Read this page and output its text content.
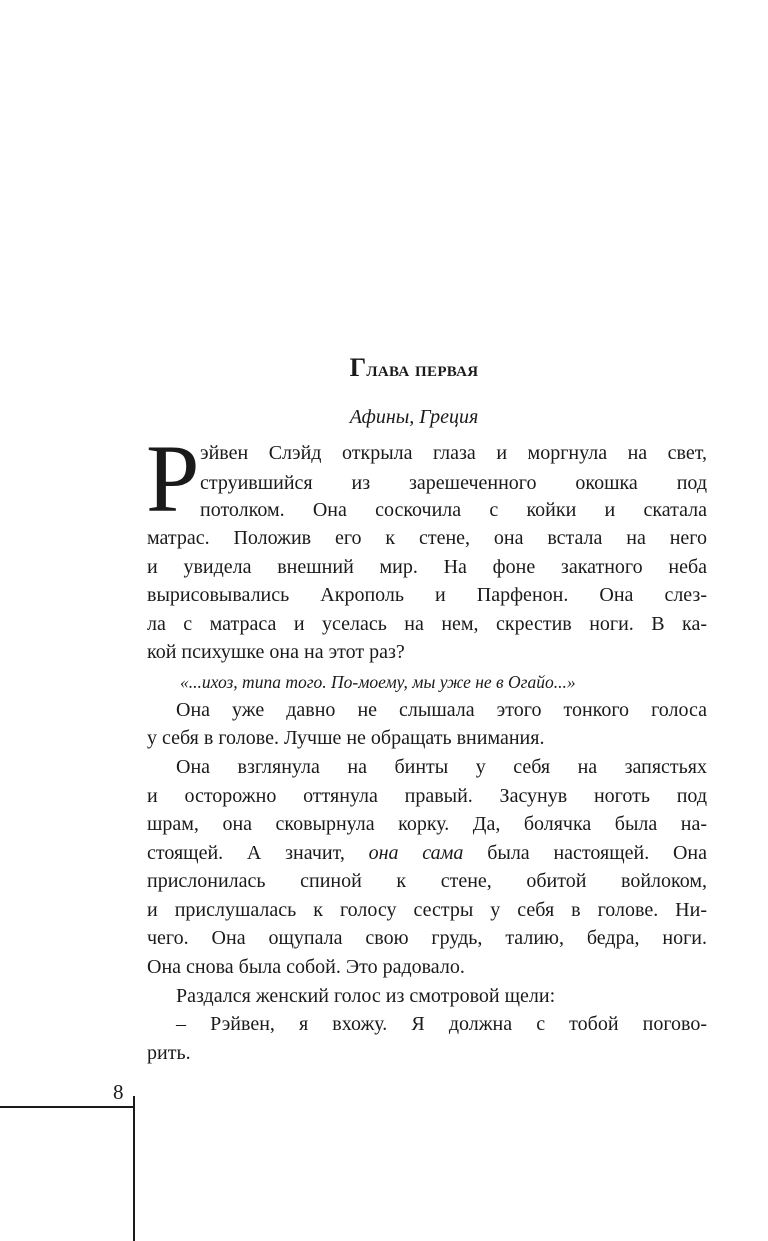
Глава первая
Афины, Греция
Р эйвен Слэйд открыла глаза и моргнула на свет,
струившийся из зарешеченного окошка под
потолком. Она соскочила с койки и скатала
матрас. Положив его к стене, она встала на него
и увидела внешний мир. На фоне закатного неба
вырисовывались Акрополь и Парфенон. Она слез-
ла с матраса и уселась на нем, скрестив ноги. В ка-
кой психушке она на этот раз?
«...ихоз, типа того. По-моему, мы уже не в Огайо...»
Она уже давно не слышала этого тонкого голоса
у себя в голове. Лучше не обращать внимания.
Она взглянула на бинты у себя на запястьях
и осторожно оттянула правый. Засунув ноготь под
шрам, она сковырнула корку. Да, болячка была на-
стоящей. А значит, она сама была настоящей. Она
прислонилась спиной к стене, обитой войлоком,
и прислушалась к голосу сестры у себя в голове. Ни-
чего. Она ощупала свою грудь, талию, бедра, ноги.
Она снова была собой. Это радовало.
Раздался женский голос из смотровой щели:
– Рэйвен, я вхожу. Я должна с тобой погово-
рить.
8
